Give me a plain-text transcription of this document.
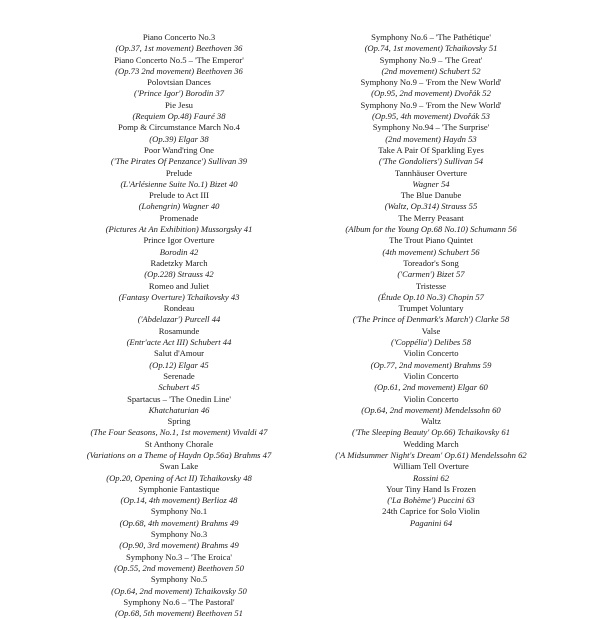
Piano Concerto No.3
(Op.37, 1st movement) Beethoven 36
Piano Concerto No.5 – 'The Emperor'
(Op.73 2nd movement) Beethoven 36
Polovtsian Dances
('Prince Igor') Borodin 37
Pie Jesu
(Requiem Op.48) Fauré 38
Pomp & Circumstance March No.4
(Op.39) Elgar 38
Poor Wand'ring One
('The Pirates Of Penzance') Sullivan 39
Prelude
(L'Arlésienne Suite No.1) Bizet 40
Prelude to Act III
(Lohengrin) Wagner 40
Promenade
(Pictures At An Exhibition) Mussorgsky 41
Prince Igor Overture
Borodin 42
Radetzky March
(Op.228) Strauss 42
Romeo and Juliet
(Fantasy Overture) Tchaikovsky 43
Rondeau
('Abdelazar') Purcell 44
Rosamunde
(Entr'acte Act III) Schubert 44
Salut d'Amour
(Op.12) Elgar 45
Serenade
Schubert 45
Spartacus – 'The Onedin Line'
Khatchaturian 46
Spring
(The Four Seasons, No.1, 1st movement) Vivaldi 47
St Anthony Chorale
(Variations on a Theme of Haydn Op.56a) Brahms 47
Swan Lake
(Op.20, Opening of Act II) Tchaikovsky 48
Symphonie Fantastique
(Op.14, 4th movement) Berlioz 48
Symphony No.1
(Op.68, 4th movement) Brahms 49
Symphony No.3
(Op.90, 3rd movement) Brahms 49
Symphony No.3 – 'The Eroica'
(Op.55, 2nd movement) Beethoven 50
Symphony No.5
(Op.64, 2nd movement) Tchaikovsky 50
Symphony No.6 – 'The Pastoral'
(Op.68, 5th movement) Beethoven 51
Symphony No.6 – 'The Pathétique'
(Op.74, 1st movement) Tchaikovsky 51
Symphony No.9 – 'The Great'
(2nd movement) Schubert 52
Symphony No.9 – 'From the New World'
(Op.95, 2nd movement) Dvořák 52
Symphony No.9 – 'From the New World'
(Op.95, 4th movement) Dvořák 53
Symphony No.94 – 'The Surprise'
(2nd movement) Haydn 53
Take A Pair Of Sparkling Eyes
('The Gondoliers') Sullivan 54
Tannhäuser Overture
Wagner 54
The Blue Danube
(Waltz, Op.314) Strauss 55
The Merry Peasant
(Album for the Young Op.68 No.10) Schumann 56
The Trout Piano Quintet
(4th movement) Schubert 56
Toreador's Song
('Carmen') Bizet 57
Tristesse
(Étude Op.10 No.3) Chopin 57
Trumpet Voluntary
('The Prince of Denmark's March') Clarke 58
Valse
('Coppélia') Delibes 58
Violin Concerto
(Op.77, 2nd movement) Brahms 59
Violin Concerto
(Op.61, 2nd movement) Elgar 60
Violin Concerto
(Op.64, 2nd movement) Mendelssohn 60
Waltz
('The Sleeping Beauty' Op.66) Tchaikovsky 61
Wedding March
('A Midsummer Night's Dream' Op.61) Mendelssohn 62
William Tell Overture
Rossini 62
Your Tiny Hand Is Frozen
('La Bohème') Puccini 63
24th Caprice for Solo Violin
Paganini 64
